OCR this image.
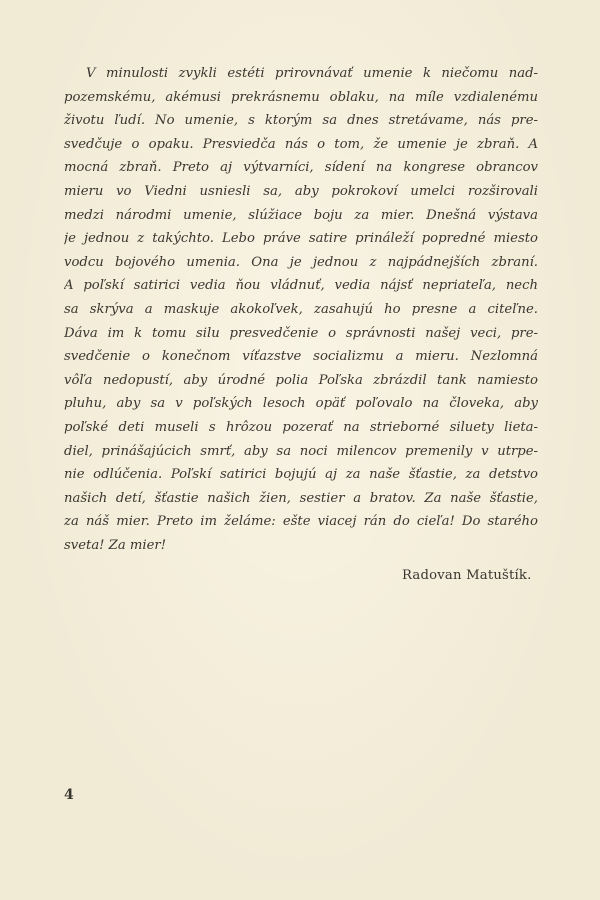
V minulosti zvykli estéti prirovnávať umenie k niečomu nad-
pozemskému, akémusi prekrásnemu oblaku, na míle vzdialenému
životu ľudí. No umenie, s ktorým sa dnes stretávame, nás pre-
svedčuje o opaku. Presviedča nás o tom, že umenie je zbraň. A
mocná zbraň. Preto aj výtvarníci, sídení na kongrese obrancov
mieru vo Viedni usniesli sa, aby pokrokoví umelci rozširovali
medzi národmi umenie, slúžiace boju za mier. Dnešná výstava
je jednou z takýchto. Lebo práve satire prináleží popredné miesto
vodcu bojového umenia. Ona je jednou z najpádnejších zbraní.
A poľskí satirici vedia ňou vládnuť, vedia nájsť nepriateľa, nech
sa skrýva a maskuje akokoľvek, zasahujú ho presne a citeľne.
Dáva im k tomu silu presvedčenie o správnosti našej veci, pre-
svedčenie o konečnom víťazstve socializmu a mieru. Nezlomná
vôľa nedopustí, aby úrodné polia Poľska zbrázdil tank namiesto
pluhu, aby sa v poľských lesoch opäť poľovalo na človeka, aby
poľské deti museli s hrôzou pozerať na strieborné siluety lieta-
diel, prinášajúcich smrť, aby sa noci milencov premenily v utrpe-
nie odlúčenia. Poľskí satirici bojujú aj za naše šťastie, za detstvo
našich detí, šťastie našich žien, sestier a bratov. Za naše šťastie,
za náš mier. Preto im želáme: ešte viacej rán do cieľa! Do starého
sveta! Za mier!
Radovan Matuštík.
4
